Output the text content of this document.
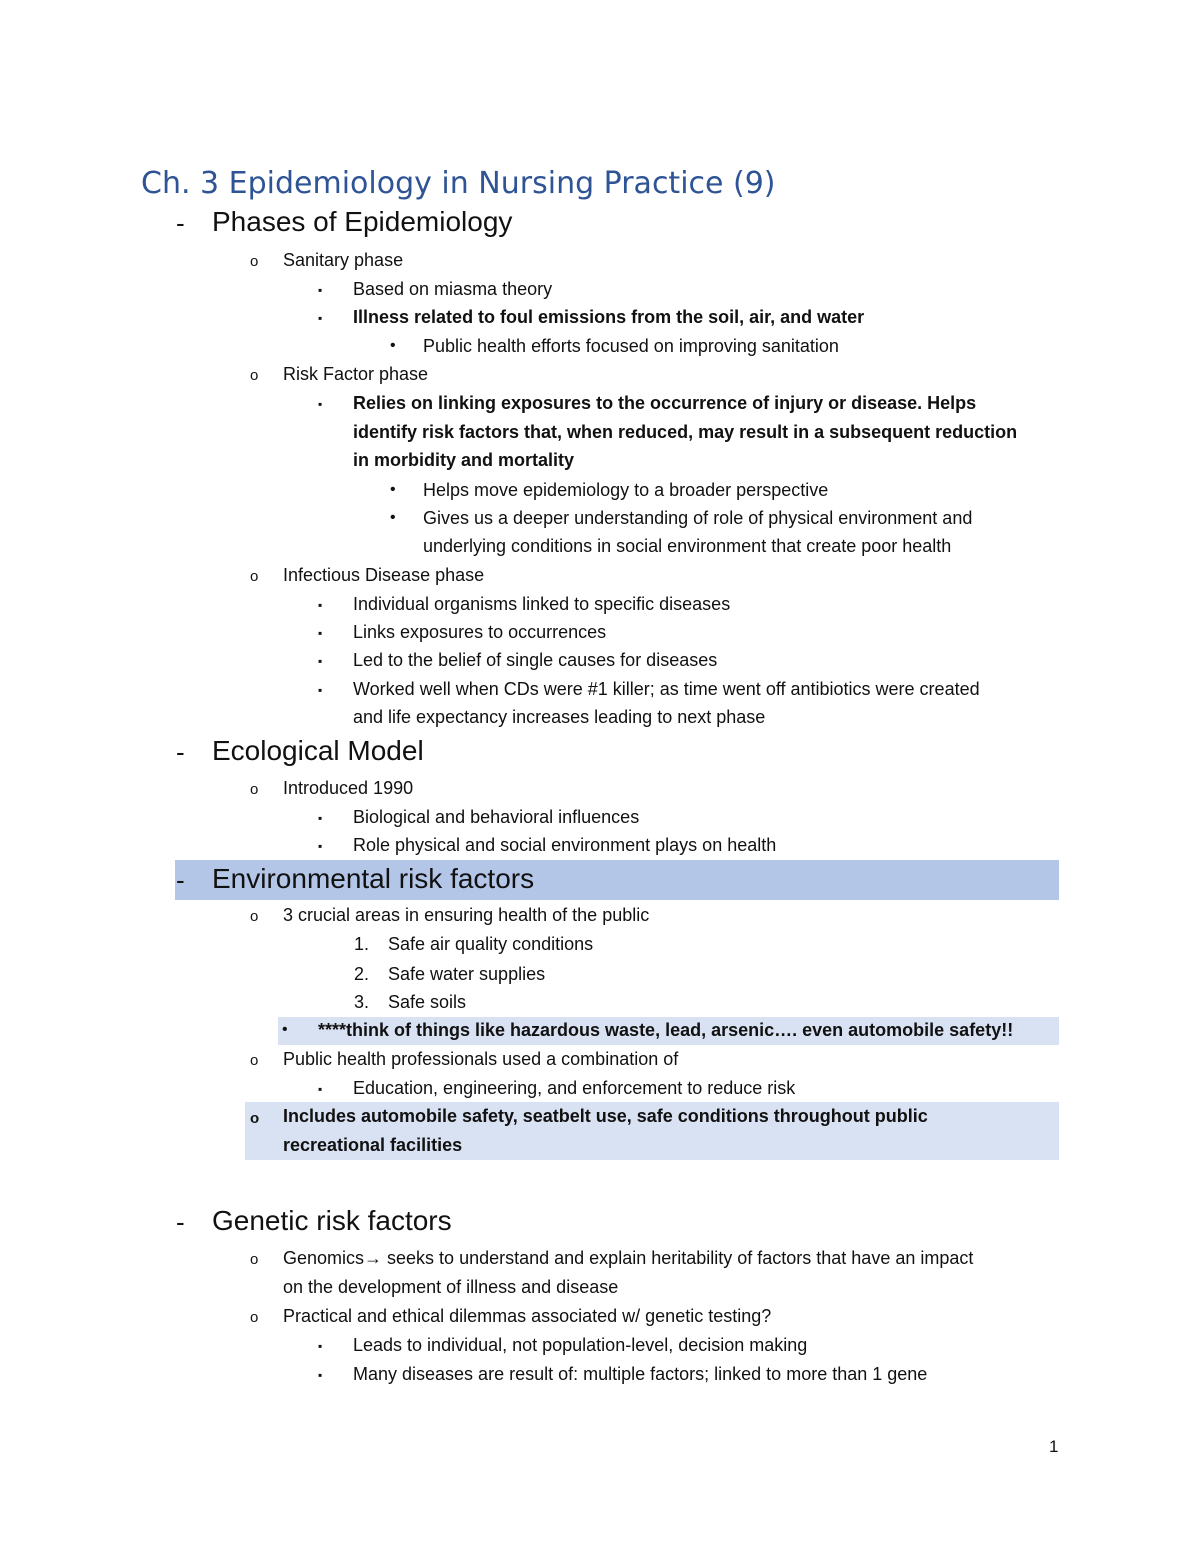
Ch. 3 Epidemiology in Nursing Practice (9)
- Phases of Epidemiology
o Sanitary phase
▪ Based on miasma theory
▪ Illness related to foul emissions from the soil, air, and water
• Public health efforts focused on improving sanitation
o Risk Factor phase
▪ Relies on linking exposures to the occurrence of injury or disease. Helps
identify risk factors that, when reduced, may result in a subsequent reduction
in morbidity and mortality
• Helps move epidemiology to a broader perspective
• Gives us a deeper understanding of role of physical environment and
underlying conditions in social environment that create poor health
o Infectious Disease phase
▪ Individual organisms linked to specific diseases
▪ Links exposures to occurrences
▪ Led to the belief of single causes for diseases
▪ Worked well when CDs were #1 killer; as time went off antibiotics were created
and life expectancy increases leading to next phase
- Ecological Model
o Introduced 1990
▪ Biological and behavioral influences
▪ Role physical and social environment plays on health
- Environmental risk factors
o 3 crucial areas in ensuring health of the public
1. Safe air quality conditions
2. Safe water supplies
3. Safe soils
• ****think of things like hazardous waste, lead, arsenic…. even automobile safety!!
o Public health professionals used a combination of
▪ Education, engineering, and enforcement to reduce risk
o Includes automobile safety, seatbelt use, safe conditions throughout public
recreational facilities
- Genetic risk factors
o Genomics→ seeks to understand and explain heritability of factors that have an impact
on the development of illness and disease
o Practical and ethical dilemmas associated w/ genetic testing?
▪ Leads to individual, not population-level, decision making
▪ Many diseases are result of: multiple factors; linked to more than 1 gene
1
